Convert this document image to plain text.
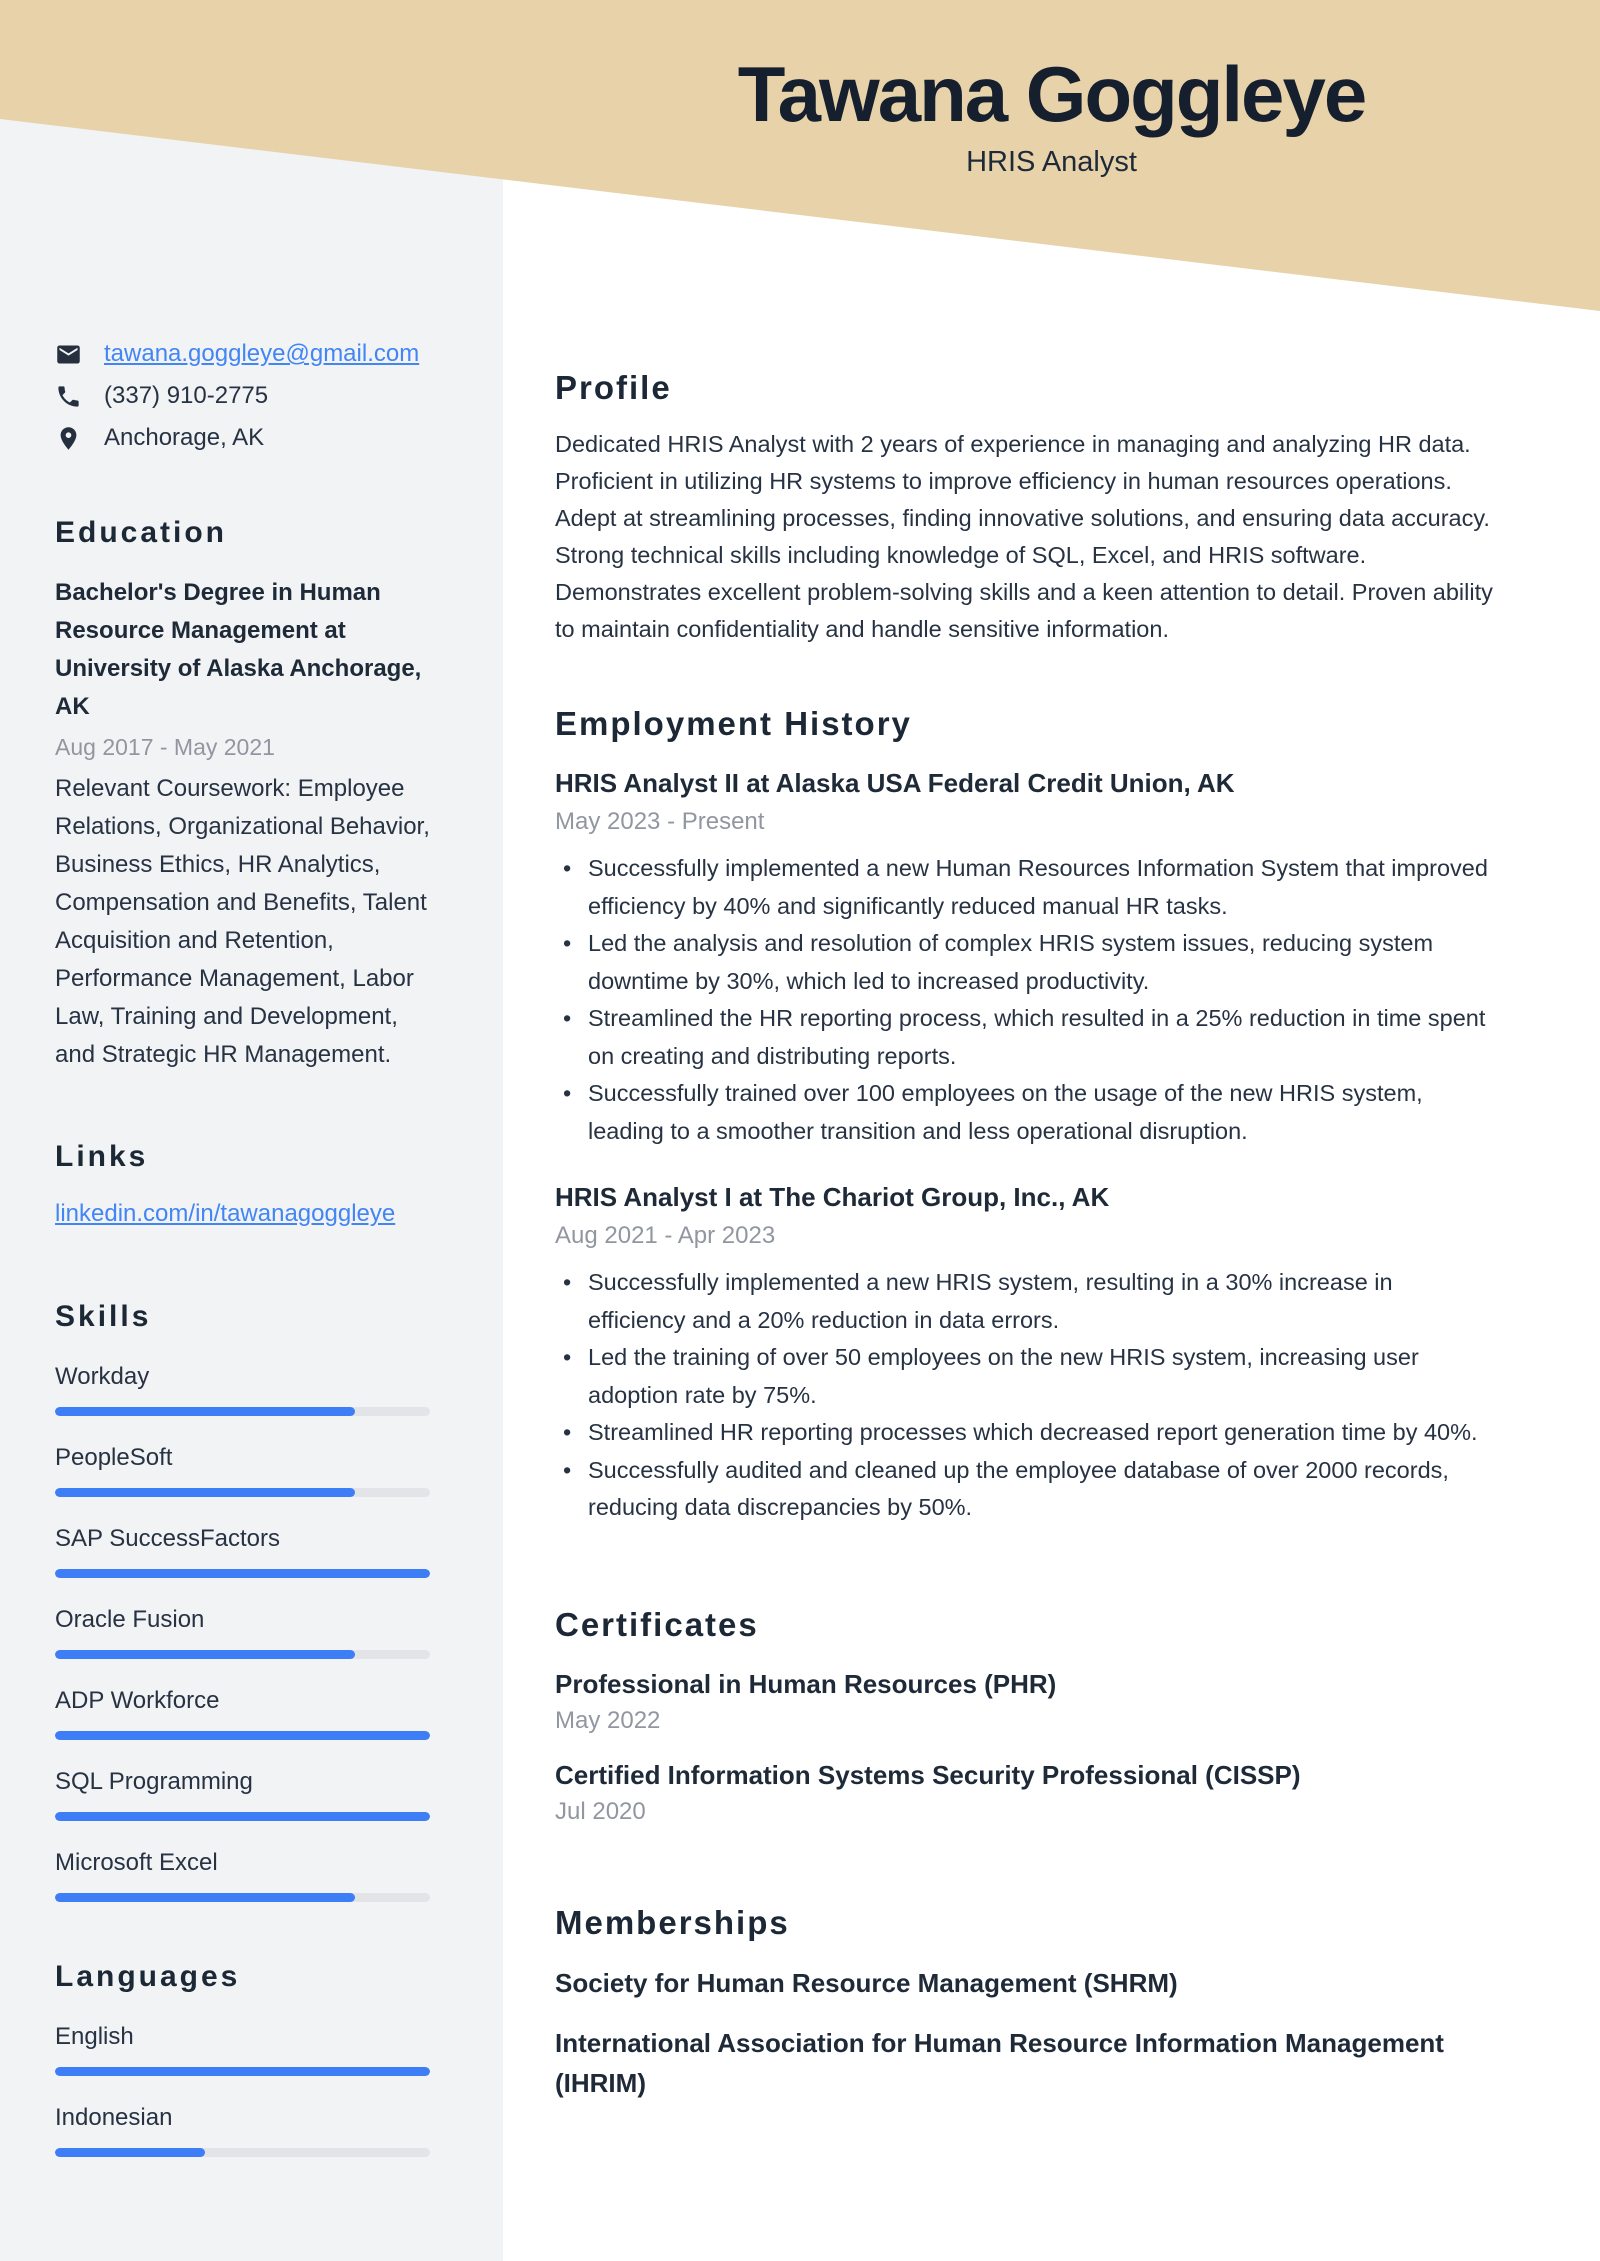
Tawana Goggleye
HRIS Analyst
tawana.goggleye@gmail.com
(337) 910-2775
Anchorage, AK
Education
Bachelor's Degree in Human Resource Management at University of Alaska Anchorage, AK
Aug 2017 - May 2021
Relevant Coursework: Employee Relations, Organizational Behavior, Business Ethics, HR Analytics, Compensation and Benefits, Talent Acquisition and Retention, Performance Management, Labor Law, Training and Development, and Strategic HR Management.
Links
linkedin.com/in/tawanagoggleye
Skills
Workday
PeopleSoft
SAP SuccessFactors
Oracle Fusion
ADP Workforce
SQL Programming
Microsoft Excel
Languages
English
Indonesian
Profile
Dedicated HRIS Analyst with 2 years of experience in managing and analyzing HR data. Proficient in utilizing HR systems to improve efficiency in human resources operations. Adept at streamlining processes, finding innovative solutions, and ensuring data accuracy. Strong technical skills including knowledge of SQL, Excel, and HRIS software. Demonstrates excellent problem-solving skills and a keen attention to detail. Proven ability to maintain confidentiality and handle sensitive information.
Employment History
HRIS Analyst II at Alaska USA Federal Credit Union, AK
May 2023 - Present
• Successfully implemented a new Human Resources Information System that improved efficiency by 40% and significantly reduced manual HR tasks.
• Led the analysis and resolution of complex HRIS system issues, reducing system downtime by 30%, which led to increased productivity.
• Streamlined the HR reporting process, which resulted in a 25% reduction in time spent on creating and distributing reports.
• Successfully trained over 100 employees on the usage of the new HRIS system, leading to a smoother transition and less operational disruption.
HRIS Analyst I at The Chariot Group, Inc., AK
Aug 2021 - Apr 2023
• Successfully implemented a new HRIS system, resulting in a 30% increase in efficiency and a 20% reduction in data errors.
• Led the training of over 50 employees on the new HRIS system, increasing user adoption rate by 75%.
• Streamlined HR reporting processes which decreased report generation time by 40%.
• Successfully audited and cleaned up the employee database of over 2000 records, reducing data discrepancies by 50%.
Certificates
Professional in Human Resources (PHR)
May 2022
Certified Information Systems Security Professional (CISSP)
Jul 2020
Memberships
Society for Human Resource Management (SHRM)
International Association for Human Resource Information Management (IHRIM)
